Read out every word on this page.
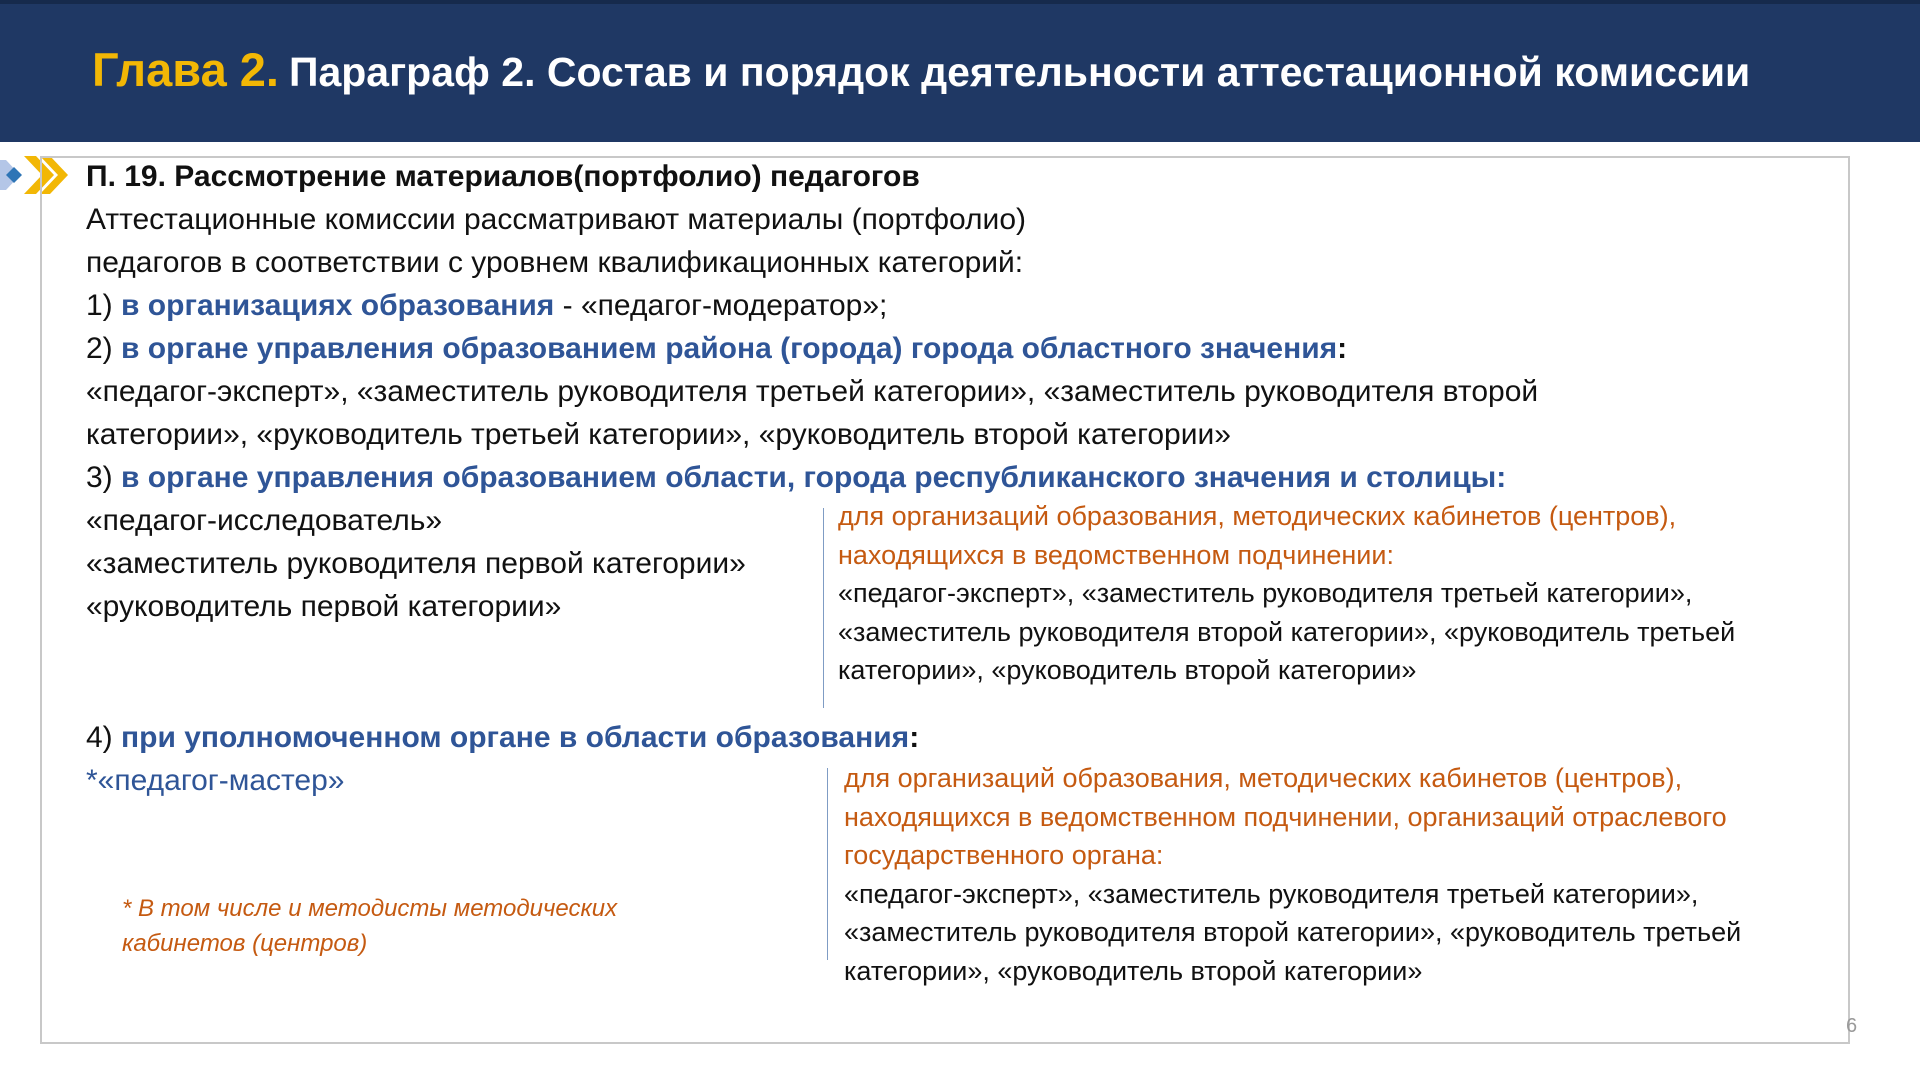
Глава 2. Параграф 2. Состав и порядок деятельности аттестационной комиссии

П. 19. Рассмотрение материалов(портфолио) педагогов

Аттестационные комиссии рассматривают материалы (портфолио)

педагогов в соответствии с уровнем квалификационных категорий:

1) в организациях образования - «педагог-модератор»;

2) в органе управления образованием района (города) города областного значения:

«педагог-эксперт», «заместитель руководителя третьей категории», «заместитель руководителя второй

категории», «руководитель третьей категории», «руководитель второй категории»

3) в органе управления образованием области, города республиканского значения и столицы:

«педагог-исследователь»

«заместитель руководителя первой категории»

«руководитель первой категории»

для организаций образования, методических кабинетов (центров),

находящихся в ведомственном подчинении:

«педагог-эксперт», «заместитель руководителя третьей категории»,

«заместитель руководителя второй категории», «руководитель третьей

категории», «руководитель второй категории»

4) при уполномоченном органе в области образования:

*«педагог-мастер»	для организаций образования, методических кабинетов (центров),

находящихся в ведомственном подчинении, организаций отраслевого

государственного органа:

«педагог-эксперт», «заместитель руководителя третьей категории»,

«заместитель руководителя второй категории», «руководитель третьей

категории», «руководитель второй категории»

* В том числе и методисты методических
кабинетов (центров)
6
